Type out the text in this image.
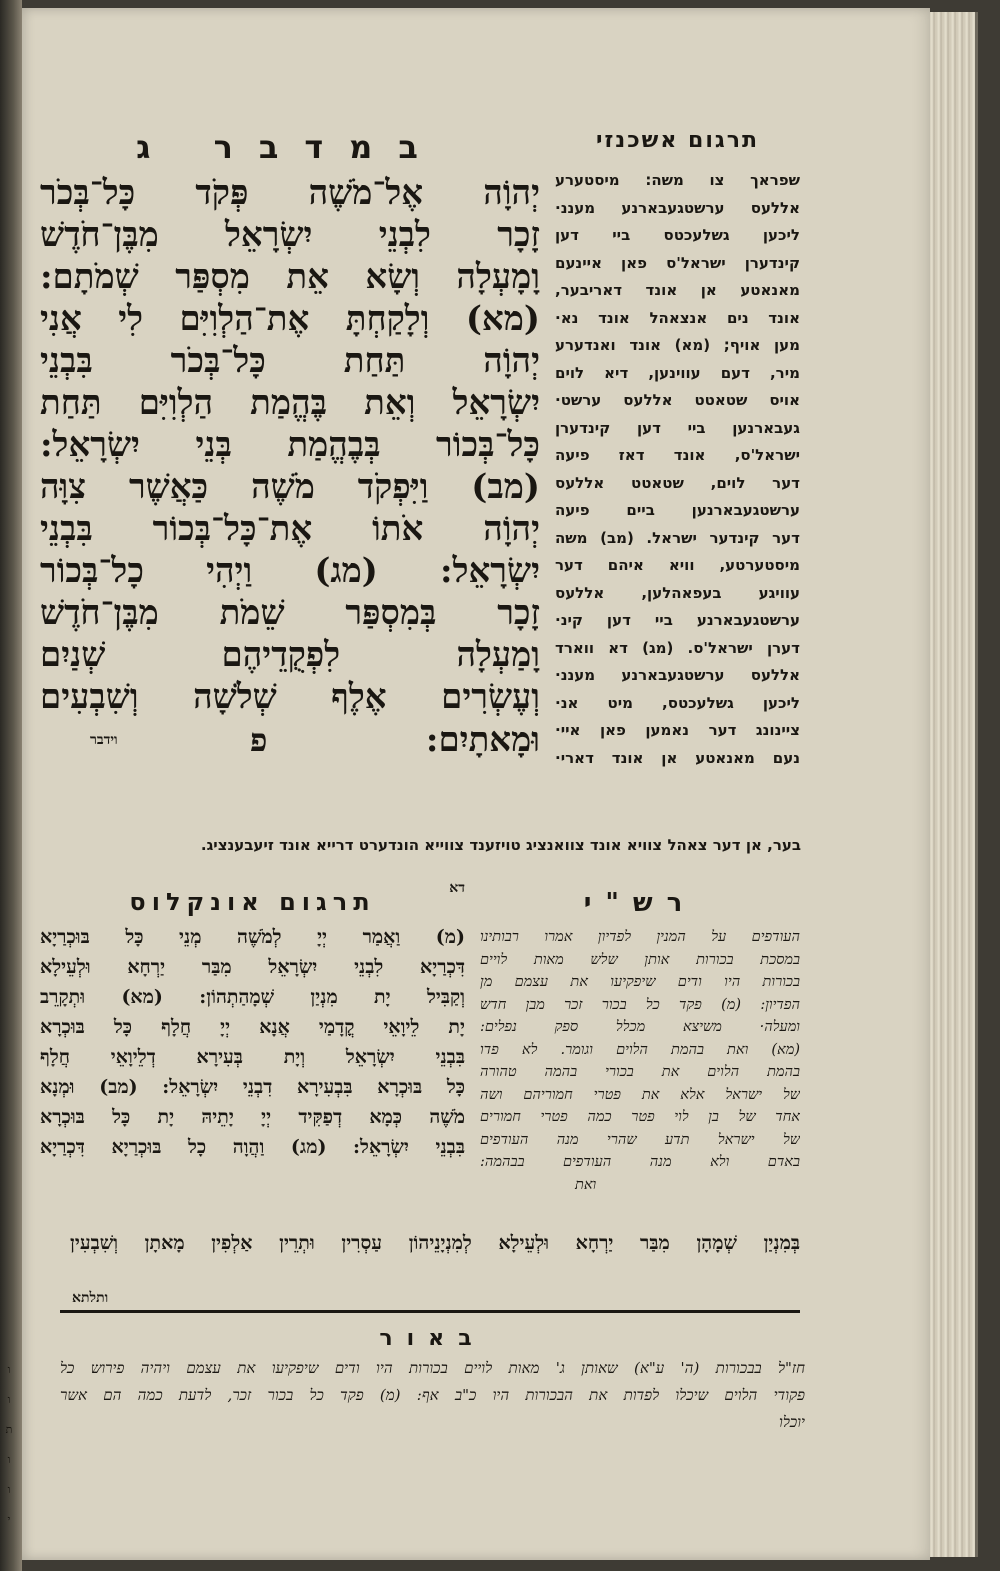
ו
ו
ת
ו
ו
י
במדבר ג
יְהוָֹה אֶל־מֹשֶׁה פְּקֹד כָּל־בְּכֹר
זָכָר לִבְנֵי יִשְׂרָאֵל מִבֶּן־חֹדֶשׁ
וָמָעְלָה וְשָׂא אֵת מִסְפַּר שְׁמֹתָם:
(מא) וְלָקַחְתָּ אֶת־הַלְוִיִּם לִי אֲנִי
יְהוָֹה תַּחַת כָּל־בְּכֹר בִּבְנֵי
יִשְׂרָאֵל וְאֵת בֶּהֱמַת הַלְוִיִּם תַּחַת
כָּל־בְּכוֹר בְּבֶהֱמַת בְּנֵי יִשְׂרָאֵל:
(מב) וַיִּפְקֹד מֹשֶׁה כַּאֲשֶׁר צִוָּה
יְהוָֹה אֹתוֹ אֶת־כָּל־בְּכוֹר בִּבְנֵי
יִשְׂרָאֵל: (מג) וַיְהִי כָל־בְּכוֹר
זָכָר בְּמִסְפַּר שֵׁמֹת מִבֶּן־חֹדֶשׁ
וָמַעְלָה לִפְקֻדֵיהֶם שְׁנַיִם
וְעֶשְׂרִים אֶלֶף שְׁלֹשָׁה וְשִׁבְעִים
וּמָאתָיִם:
פ
וידבר
תרגום אשכנזי
שפראך צו משה: מיסטערע
אללעס ערשטגעבארנע מעננ·
ליכען גשלעכטס ביי דען
קינדערן ישראל'ס פאן איינעם
מאנאטע אן אונד דאריבער,
אונד נים אנצאהל אונד נא·
מען אויף; (מא) אונד ואנדערע
מיר, דעם עווינען, דיא לוים
אויס שטאטט אללעס ערשט·
געבארנען ביי דען קינדערן
ישראל'ס, אונד דאז פיעה
דער לוים, שטאטט אללעס
ערשטגעבארנען ביים פיעה
דער קינדער ישראל. (מב) משה
מיסטערטע, וויא איהם דער
עוויגע בעפאהלען, אללעס
ערשטגעבארנע ביי דען קינ·
דערן ישראל'ס. (מג) דא ווארד
אללעס ערשטגעבארנע מעננ·
ליכען גשלעכטס, מיט אנ·
ציינונג דער נאמען פאן איי·
נעם מאנאטע אן אונד דארי·
בער, אן דער צאהל צוויא אונד צוואנציג טויזענד צווייא הונדערט דרייא אונד זיעבענציג.
דא
תרגום אונקלוס
(מ) וַאֲמַר יְיָ לְמֹשֶׁה מְנֵי כָּל בּוּכְרַיָא
דִּכְרַיָא לִבְנֵי יִשְׂרָאֵל מִבַּר יַרְחָא וּלְעֵילָא
וְקַבִּיל יָת מִנְיַן שְׁמָהַתְהוֹן: (מא) וּתְקָרֵב
יָת לֵיוָאֵי קֳדָמַי אֲנָא יְיָ חֲלָף כָּל בּוּכְרָא
בִּבְנֵי יִשְׂרָאֵל וְיָת בְּעִירָא דְלֵיוָאֵי חֲלָף
כָּל בּוּכְרָא בִּבְעִירָא דִבְנֵי יִשְׂרָאֵל: (מב) וּמְנָא
מֹשֶׁה כְּמָא דְפַקִּיד יְיָ יָתֵיהּ יָת כָּל בּוּכְרָא
בִּבְנֵי יִשְׂרָאֵל: (מג) וַהֲוָה כָל בּוּכְרַיָא דִּכְרַיָא
רש"י
העודפים על המנין לפדיון אמרו רבותינו
במסכת בכורות אותן שלש מאות לויים
בכורות היו ודים שיפקיעו את עצמם מן
הפדיון: (מ) פקד כל בכור זכר מבן חדש
ומעלה· משיצא מכלל ספק נפלים:
(מא) ואת בהמת הלוים וגומר. לא פדו
בהמת הלוים את בכורי בהמה טהורה
של ישראל אלא את פטרי חמוריהם ושה
אחד של בן לוי פטר כמה פטרי חמורים
של ישראל תדע שהרי מנה העודפים
באדם ולא מנה העודפים בבהמה:
ואת
בְּמִנְיַן שְׁמָהָן מִבַּר יַרְחָא וּלְעֵילָא לְמִנְיָנֵיהוֹן עַסְרִין וּתְרֵין אַלְפִין מָאתָן וְשִׁבְעִין
ותלתא
באור
חז"ל בבכורות (ה' ע"א) שאותן ג' מאות לויים בכורות היו ודים שיפקיעו את עצמם ויהיה פירוש כל
פקודי הלוים שיכלו לפדות את הבכורות היו כ"ב אף: (מ) פקד כל בכור זכר, לדעת כמה הם אשר
יוכלו
